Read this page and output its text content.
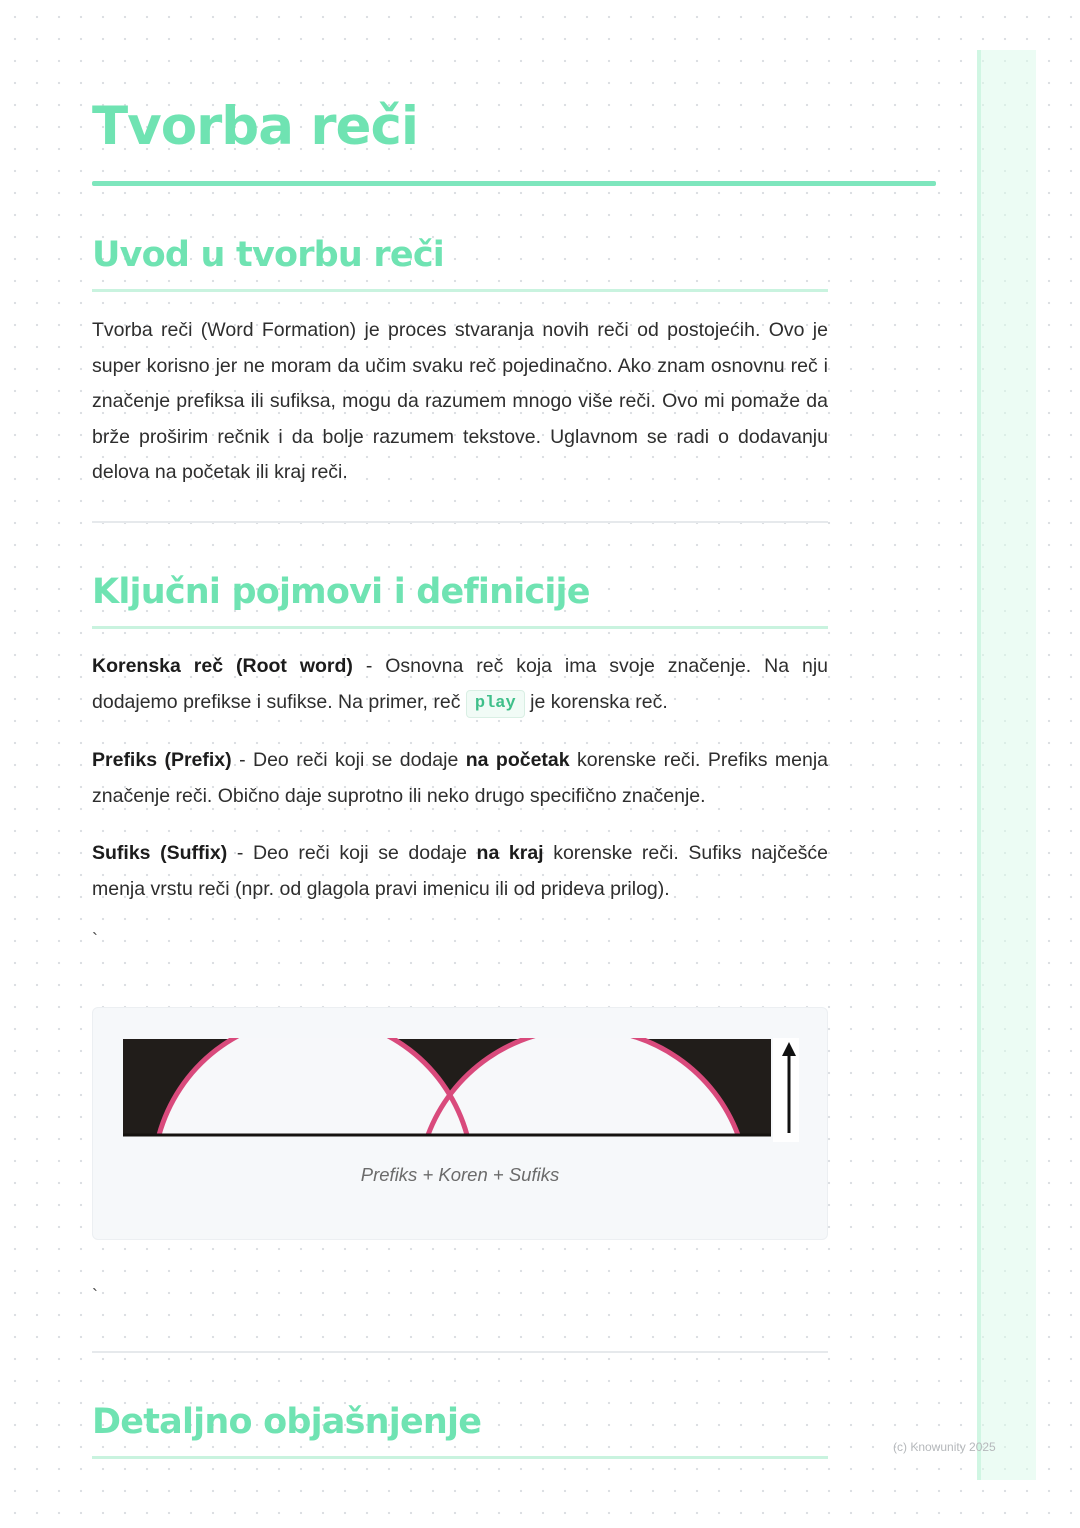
Tvorba reči
Uvod u tvorbu reči

Tvorba reči (Word Formation) je proces stvaranja novih reči od postojećih. Ovo je super korisno jer ne moram da učim svaku reč pojedinačno. Ako znam osnovnu reč i značenje prefiksa ili sufiksa, mogu da razumem mnogo više reči. Ovo mi pomaže da brže proširim rečnik i da bolje razumem tekstove. Uglavnom se radi o dodavanju delova na početak ili kraj reči.

Ključni pojmovi i definicije

Korenska reč (Root word) - Osnovna reč koja ima svoje značenje. Na nju dodajemo prefikse i sufikse. Na primer, reč play je korenska reč.

Prefiks (Prefix) - Deo reči koji se dodaje na početak korenske reči. Prefiks menja značenje reči. Obično daje suprotno ili neko drugo specifično značenje.

Sufiks (Suffix) - Deo reči koji se dodaje na kraj korenske reči. Sufiks najčešće menja vrstu reči (npr. od glagola pravi imenicu ili od prideva prilog).

`
Prefiks + Koren + Sufiks
`
Detaljno objašnjenje
(c) Knowunity 2025
